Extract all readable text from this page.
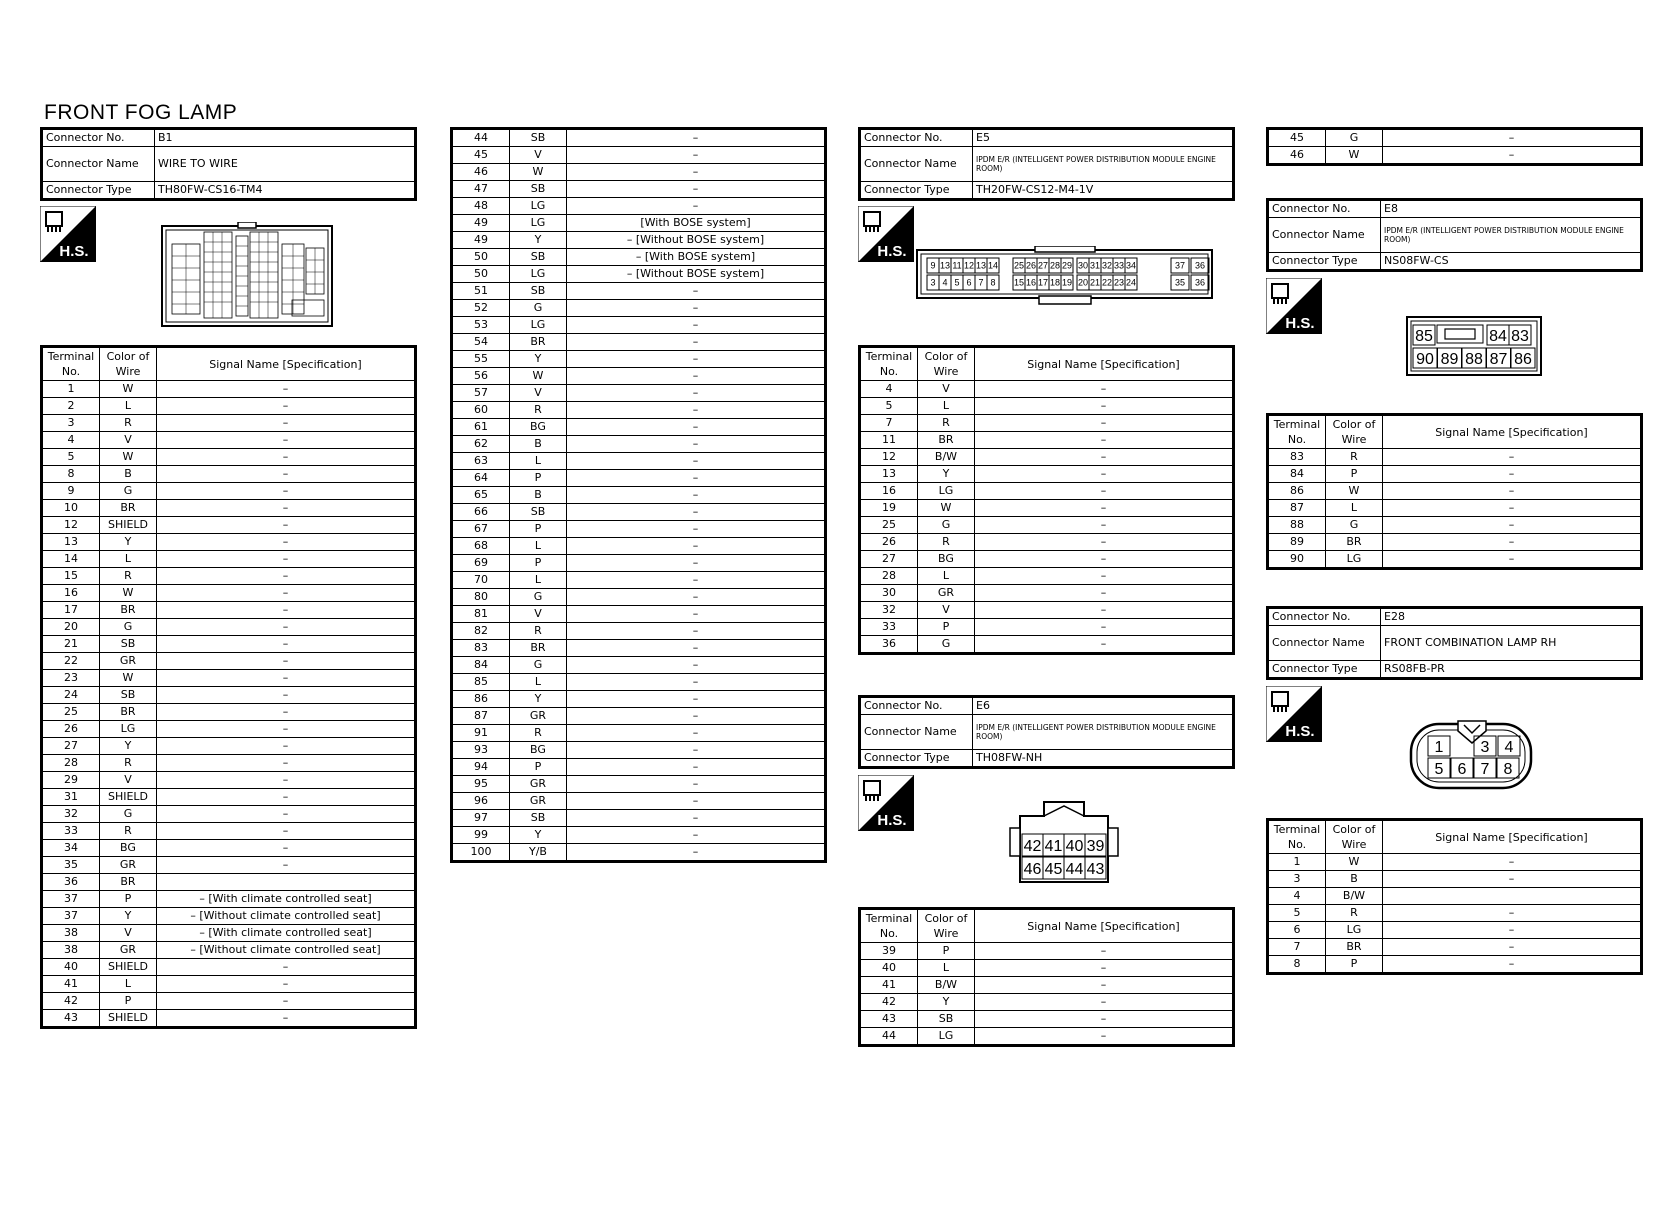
FRONT FOG LAMP
Connector No.	B1
Connector Name	WIRE TO WIRE
Connector Type	TH80FW-CS16-TM4
H.S.
Terminal No.	Color of Wire	Signal Name [Specification]
1	W	–
2	L	–
3	R	–
4	V	–
5	W	–
8	B	–
9	G	–
10	BR	–
12	SHIELD	–
13	Y	–
14	L	–
15	R	–
16	W	–
17	BR	–
20	G	–
21	SB	–
22	GR	–
23	W	–
24	SB	–
25	BR	–
26	LG	–
27	Y	–
28	R	–
29	V	–
31	SHIELD	–
32	G	–
33	R	–
34	BG	–
35	GR	–
36	BR	
37	P	– [With climate controlled seat]
37	Y	– [Without climate controlled seat]
38	V	– [With climate controlled seat]
38	GR	– [Without climate controlled seat]
40	SHIELD	–
41	L	–
42	P	–
43	SHIELD	–
44	SB	–
45	V	–
46	W	–
47	SB	–
48	LG	–
49	LG	[With BOSE system]
49	Y	– [Without BOSE system]
50	SB	– [With BOSE system]
50	LG	– [Without BOSE system]
51	SB	–
52	G	–
53	LG	–
54	BR	–
55	Y	–
56	W	–
57	V	–
60	R	–
61	BG	–
62	B	–
63	L	–
64	P	–
65	B	–
66	SB	–
67	P	–
68	L	–
69	P	–
70	L	–
80	G	–
81	V	–
82	R	–
83	BR	–
84	G	–
85	L	–
86	Y	–
87	GR	–
91	R	–
93	BG	–
94	P	–
95	GR	–
96	GR	–
97	SB	–
99	Y	–
100	Y/B	–
Connector No.	E5
Connector Name	IPDM E/R (INTELLIGENT POWER DISTRIBUTION MODULE ENGINE ROOM)
Connector Type	TH20FW-CS12-M4-1V
H.S.
9 13 11 12 13 14 25 26 27 28 29 30 31 32 33 34	37 36
3 4 5 6 7 8 15 16 17 18 19 20 21 22 23 24	35 36
Terminal No.	Color of Wire	Signal Name [Specification]
4	V	–
5	L	–
7	R	–
11	BR	–
12	B/W	–
13	Y	–
16	LG	–
19	W	–
25	G	–
26	R	–
27	BG	–
28	L	–
30	GR	–
32	V	–
33	P	–
36	G	–
Connector No.	E6
Connector Name	IPDM E/R (INTELLIGENT POWER DISTRIBUTION MODULE ENGINE ROOM)
Connector Type	TH08FW-NH
H.S.
42 41 40 39
46 45 44 43
Terminal No.	Color of Wire	Signal Name [Specification]
39	P	–
40	L	–
41	B/W	–
42	Y	–
43	SB	–
44	LG	–
45	G	–
46	W	–
Connector No.	E8
Connector Name	IPDM E/R (INTELLIGENT POWER DISTRIBUTION MODULE ENGINE ROOM)
Connector Type	NS08FW-CS
H.S.
85	84 83
90 89 88 87 86
Terminal No.	Color of Wire	Signal Name [Specification]
83	R	–
84	P	–
86	W	–
87	L	–
88	G	–
89	BR	–
90	LG	–
Connector No.	E28
Connector Name	FRONT COMBINATION LAMP RH
Connector Type	RS08FB-PR
H.S.
1 3 4
5 6 7 8
Terminal No.	Color of Wire	Signal Name [Specification]
1	W	–
3	B	–
4	B/W	
5	R	–
6	LG	–
7	BR	–
8	P	–
